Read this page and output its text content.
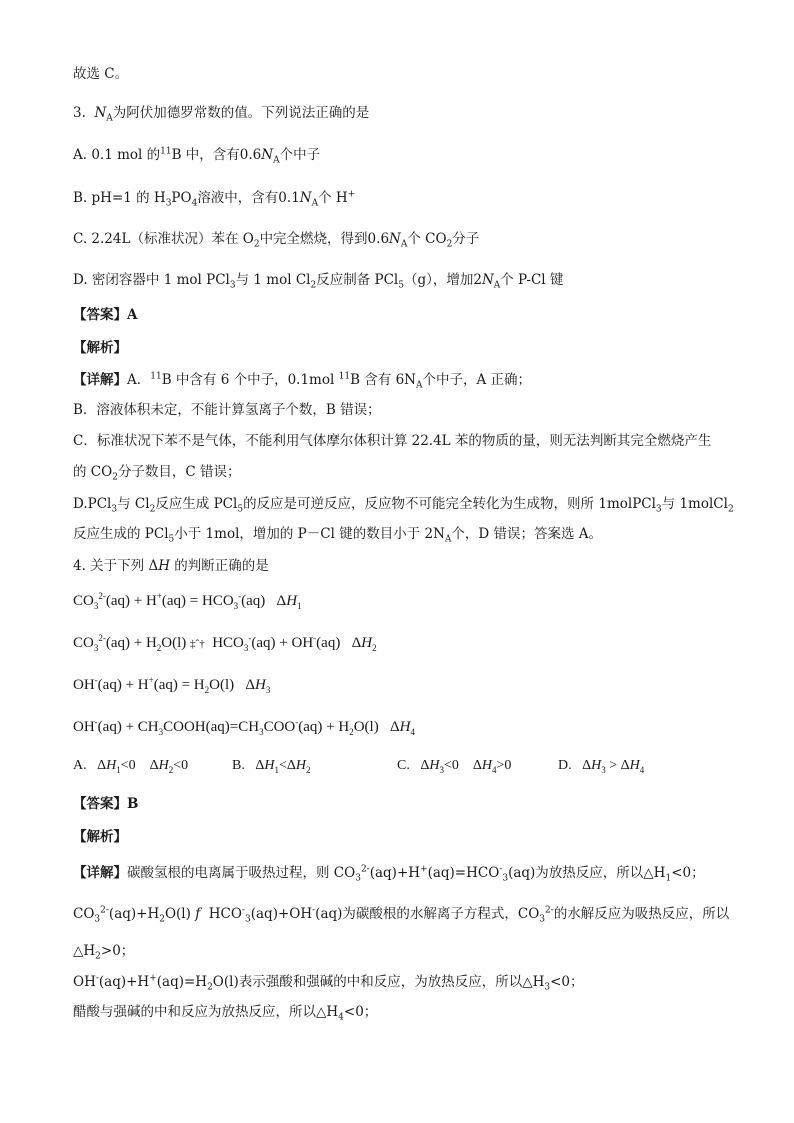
故选 C。
3.  $N_A$为阿伏加德罗常数的值。下列说法正确的是
A. 0.1 mol 的$^{11}$B 中，含有$0.6N_A$个中子
B. pH=1 的 $H_3PO_4$溶液中，含有$0.1N_A$个 H+
C. 2.24L（标准状况）苯在 $O_2$中完全燃烧，得到$0.6N_A$个 $CO_2$分子
D. 密闭容器中 1 mol PCl$_3$与 1 mol $Cl_2$反应制备 PCl$_5$（g），增加$2N_A$个 P-Cl 键
【答案】A
【解析】
【详解】A．$^{11}$B 中含有 6 个中子，0.1mol $^{11}$B 含有 $6N_A$个中子，A 正确；
B．溶液体积未定，不能计算氢离子个数，B 错误；
C．标准状况下苯不是气体，不能利用气体摩尔体积计算 22.4L 苯的物质的量，则无法判断其完全燃烧产生
的 $CO_2$分子数目，C 错误；
D.PCl$_3$与 $Cl_2$反应生成 PCl$_5$的反应是可逆反应，反应物不可能完全转化为生成物，则所 1molPCl$_3$与 1molCl$_2$
反应生成的 PCl$_5$小于 1mol，增加的 P－Cl 键的数目小于 $2N_A$个，D 错误；答案选 A。
4. 关于下列 ΔH 的判断正确的是
$CO_3^{2-}(aq) + H^+(aq) = HCO_3^-(aq)$   $\Delta H_1$
$CO_3^{2-}(aq) + H_2O(l)$ ‡ˆ†  $HCO_3^-(aq) + OH^-(aq)$   $\Delta H_2$
$OH^-(aq) + H^+(aq) = H_2O(l)$   $\Delta H_3$
$OH^-(aq) + CH_3COOH(aq)=CH_3COO^-(aq) + H_2O(l)$   $\Delta H_4$
A.   $\Delta H_1<0$    $\Delta H_2<0$	B.   $\Delta H_1<\Delta H_2$	C.   $\Delta H_3<0$    $\Delta H_4>0$	D.   $\Delta H_3 > \Delta H_4$
【答案】B
【解析】
【详解】碳酸氢根的电离属于吸热过程，则 $CO_3^{2-}(aq)+H^+(aq)=HCO^-_3(aq)$为放热反应，所以$\triangle H_1<0$；
$CO_3^{2-}(aq)+H_2O(l)$ f  $HCO^-_3(aq)+OH^-(aq)$为碳酸根的水解离子方程式，$CO_3^{2-}$的水解反应为吸热反应，所以
$\triangle H_2>0$；
$OH^-(aq)+H^+(aq)=H_2O(l)$表示强酸和强碱的中和反应，为放热反应，所以$\triangle H_3<0$；
醋酸与强碱的中和反应为放热反应，所以$\triangle H_4<0$；
